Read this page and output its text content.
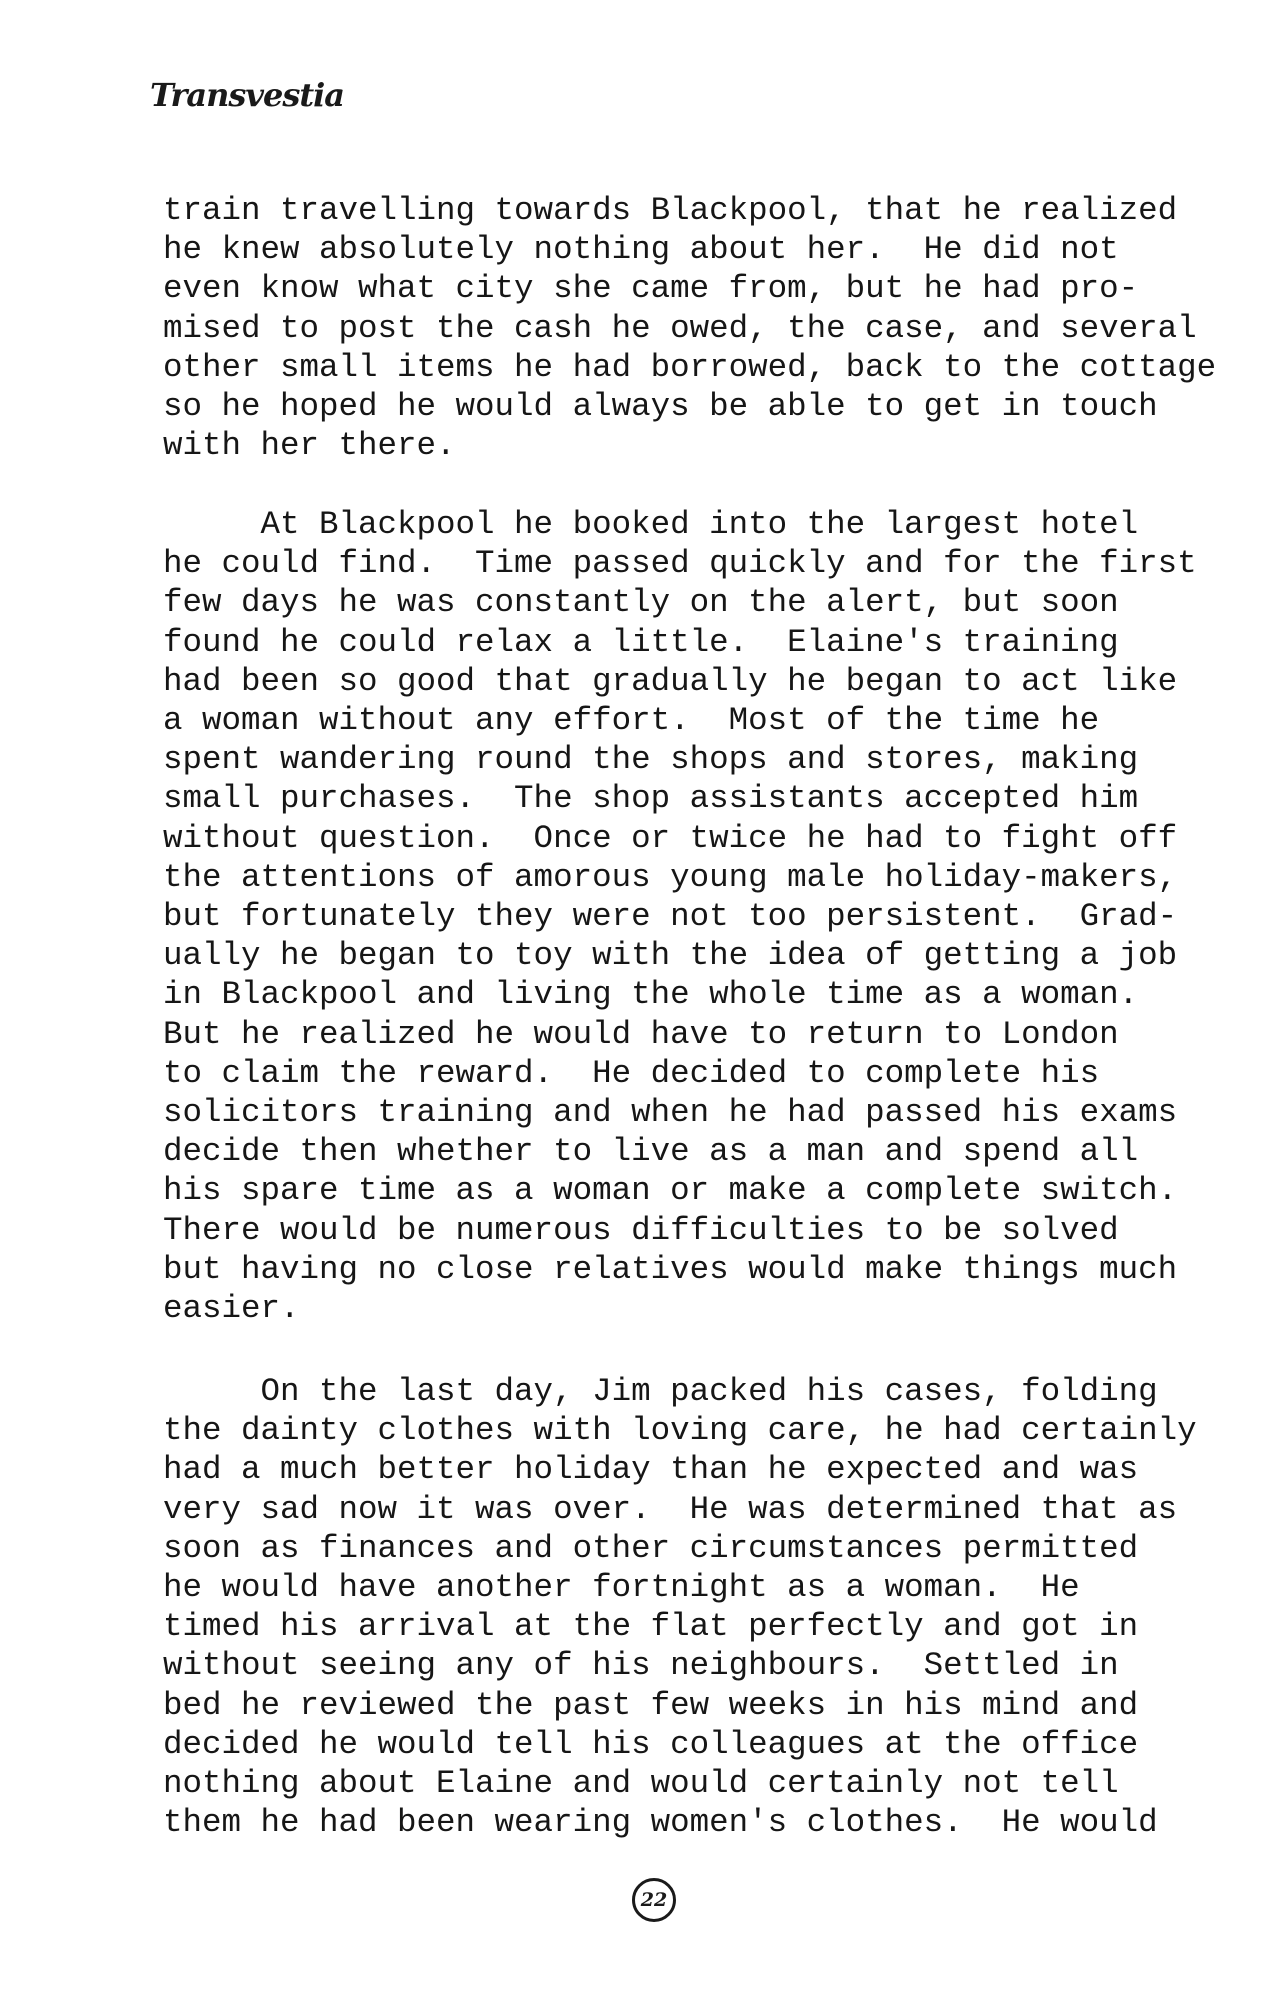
Transvestia

train travelling towards Blackpool, that he realized
he knew absolutely nothing about her.  He did not
even know what city she came from, but he had pro-
mised to post the cash he owed, the case, and several
other small items he had borrowed, back to the cottage
so he hoped he would always be able to get in touch
with her there.

At Blackpool he booked into the largest hotel
he could find.  Time passed quickly and for the first
few days he was constantly on the alert, but soon
found he could relax a little.  Elaine's training
had been so good that gradually he began to act like
a woman without any effort.  Most of the time he
spent wandering round the shops and stores, making
small purchases.  The shop assistants accepted him
without question.  Once or twice he had to fight off
the attentions of amorous young male holiday-makers,
but fortunately they were not too persistent.  Grad-
ually he began to toy with the idea of getting a job
in Blackpool and living the whole time as a woman.
But he realized he would have to return to London
to claim the reward.  He decided to complete his
solicitors training and when he had passed his exams
decide then whether to live as a man and spend all
his spare time as a woman or make a complete switch.
There would be numerous difficulties to be solved
but having no close relatives would make things much
easier.

On the last day, Jim packed his cases, folding
the dainty clothes with loving care, he had certainly
had a much better holiday than he expected and was
very sad now it was over.  He was determined that as
soon as finances and other circumstances permitted
he would have another fortnight as a woman.  He
timed his arrival at the flat perfectly and got in
without seeing any of his neighbours.  Settled in
bed he reviewed the past few weeks in his mind and
decided he would tell his colleagues at the office
nothing about Elaine and would certainly not tell
them he had been wearing women's clothes.  He would

22
